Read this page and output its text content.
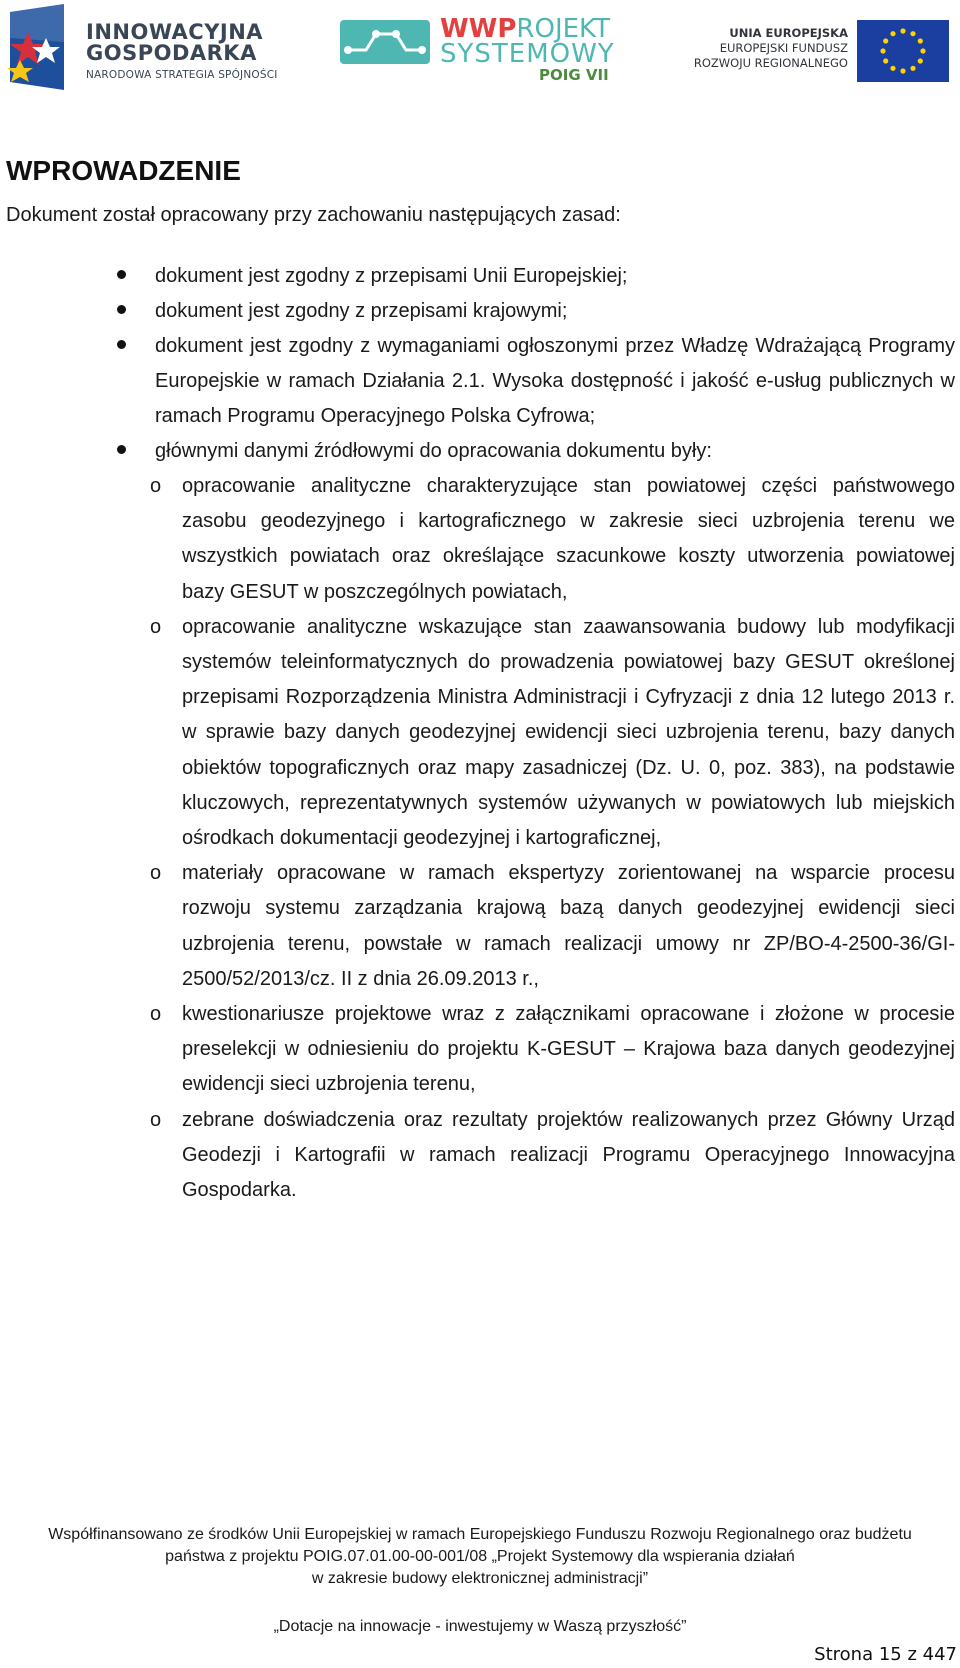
INNOWACYJNA
GOSPODARKA
NARODOWA STRATEGIA SPÓJNOŚCI
WWPROJEKT
SYSTEMOWY
POIG VII
UNIA EUROPEJSKA
EUROPEJSKI FUNDUSZ
ROZWOJU REGIONALNEGO
WPROWADZENIE

Dokument został opracowany przy zachowaniu następujących zasad:

dokument jest zgodny z przepisami Unii Europejskiej;
dokument jest zgodny z przepisami krajowymi;
dokument jest zgodny z wymaganiami ogłoszonymi przez Władzę Wdrażającą Programy Europejskie w ramach Działania 2.1. Wysoka dostępność i jakość e-usług publicznych w ramach Programu Operacyjnego Polska Cyfrowa;
głównymi danymi źródłowymi do opracowania dokumentu były:
o opracowanie analityczne charakteryzujące stan powiatowej części państwowego zasobu geodezyjnego i kartograficznego w zakresie sieci uzbrojenia terenu we wszystkich powiatach oraz określające szacunkowe koszty utworzenia powiatowej bazy GESUT w poszczególnych powiatach,
o opracowanie analityczne wskazujące stan zaawansowania budowy lub modyfikacji systemów teleinformatycznych do prowadzenia powiatowej bazy GESUT określonej przepisami Rozporządzenia Ministra Administracji i Cyfryzacji z dnia 12 lutego 2013 r. w sprawie bazy danych geodezyjnej ewidencji sieci uzbrojenia terenu, bazy danych obiektów topograficznych oraz mapy zasadniczej (Dz. U. 0, poz. 383), na podstawie kluczowych, reprezentatywnych systemów używanych w powiatowych lub miejskich ośrodkach dokumentacji geodezyjnej i kartograficznej,
o materiały opracowane w ramach ekspertyzy zorientowanej na wsparcie procesu rozwoju systemu zarządzania krajową bazą danych geodezyjnej ewidencji sieci uzbrojenia terenu, powstałe w ramach realizacji umowy nr ZP/BO-4-2500-36/GI-2500/52/2013/cz. II z dnia 26.09.2013 r.,
o kwestionariusze projektowe wraz z załącznikami opracowane i złożone w procesie preselekcji w odniesieniu do projektu K-GESUT – Krajowa baza danych geodezyjnej ewidencji sieci uzbrojenia terenu,
o zebrane doświadczenia oraz rezultaty projektów realizowanych przez Główny Urząd Geodezji i Kartografii w ramach realizacji Programu Operacyjnego Innowacyjna Gospodarka.
Współfinansowano ze środków Unii Europejskiej w ramach Europejskiego Funduszu Rozwoju Regionalnego oraz budżetu
państwa z projektu POIG.07.01.00-00-001/08 „Projekt Systemowy dla wspierania działań
w zakresie budowy elektronicznej administracji”
„Dotacje na innowacje - inwestujemy w Waszą przyszłość”
Strona 15 z 447
